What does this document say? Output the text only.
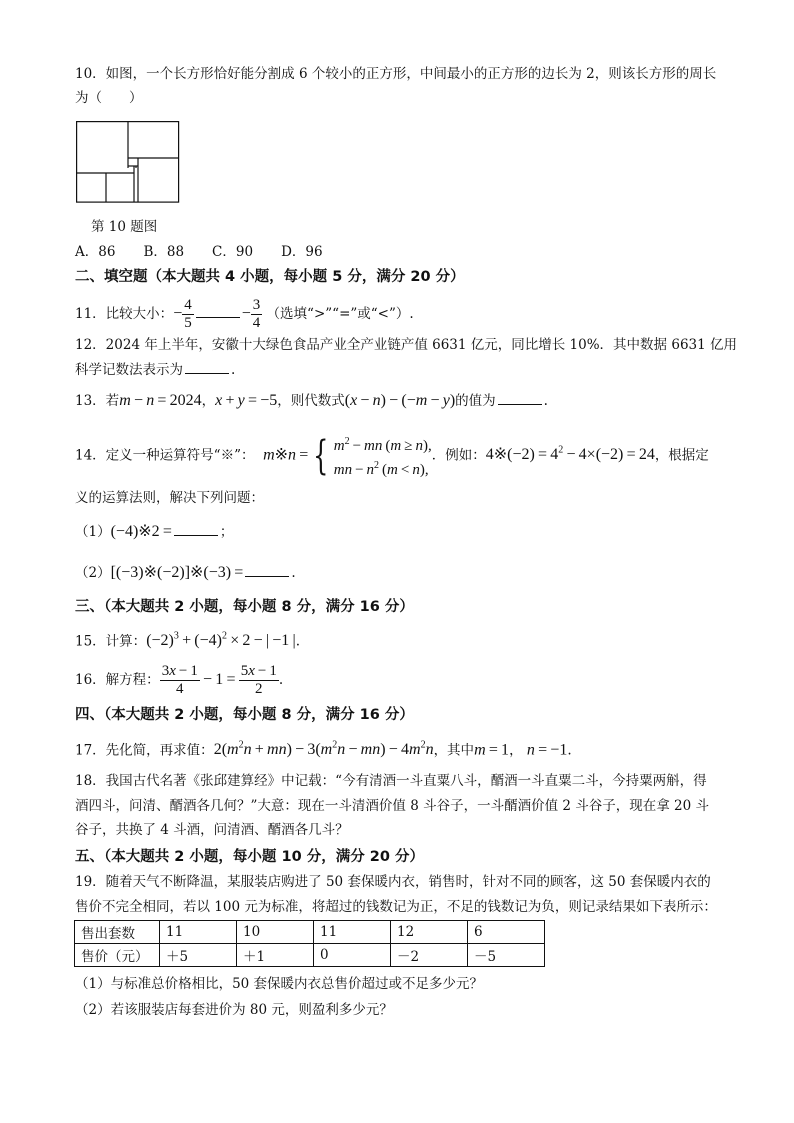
10．如图，一个长方形恰好能分割成 6 个较小的正方形，中间最小的正方形的边长为 2，则该长方形的周长
为（　　）
第 10 题图
A．86 B．88 C．90 D．96
二、填空题（本大题共 4 小题，每小题 5 分，满分 20 分）
11．比较大小：− $\frac{4}{5}$	− $\frac{3}{4}$ （选填“>”“=”或“<”）.
12．2024 年上半年，安徽十大绿色食品产业全产业链产值 6631 亿元，同比增长 10%．其中数据 6631 亿用
科学记数法表示为	.
13．若m − n = 2024，x + y = −5，则代数式(x − n) − (−m − y)的值为	.
14．定义一种运算符号“※”： m※n = { $m^2$ − mn (m ≥ n),
mn − $n^2$ (m < n),
．例如：4※(−2) = $4^2 - 4\times(-2) = 24$，根据定
义的运算法则，解决下列问题：
（1）(−4)※2 =	；
（2）[(−3)※(−2)]※(−3) =	.
三、（本大题共 2 小题，每小题 8 分，满分 16 分）
15．计算：$(-2)^3 + (-4)^2 \times 2$ − | −1 |.
16．解方程： $\frac{3x - 1}{4} - 1 = \frac{5x - 1}{2}$ .
四、（本大题共 2 小题，每小题 8 分，满分 16 分）
17．先化简，再求值：$2(m^2n + mn) - 3(m^2n - mn) - 4m^2n$，其中m = 1， n = −1.
18．我国古代名著《张邱建算经》中记载：“今有清酒一斗直粟八斗，醑酒一斗直粟二斗，今持粟两斛，得
酒四斗，问清、醑酒各几何？”大意：现在一斗清酒价值 8 斗谷子，一斗醑酒价值 2 斗谷子，现在拿 20 斗
谷子，共换了 4 斗酒，问清酒、醑酒各几斗？
五、（本大题共 2 小题，每小题 10 分，满分 20 分）
19．随着天气不断降温，某服装店购进了 50 套保暖内衣，销售时，针对不同的顾客，这 50 套保暖内衣的
售价不完全相同，若以 100 元为标准，将超过的钱数记为正，不足的钱数记为负，则记录结果如下表所示：
售出套数	11	10	11	12	6
售价（元）	＋5	＋1	0	－2	－5
（1）与标准总价格相比，50 套保暖内衣总售价超过或不足多少元？
（2）若该服装店每套进价为 80 元，则盈利多少元？
